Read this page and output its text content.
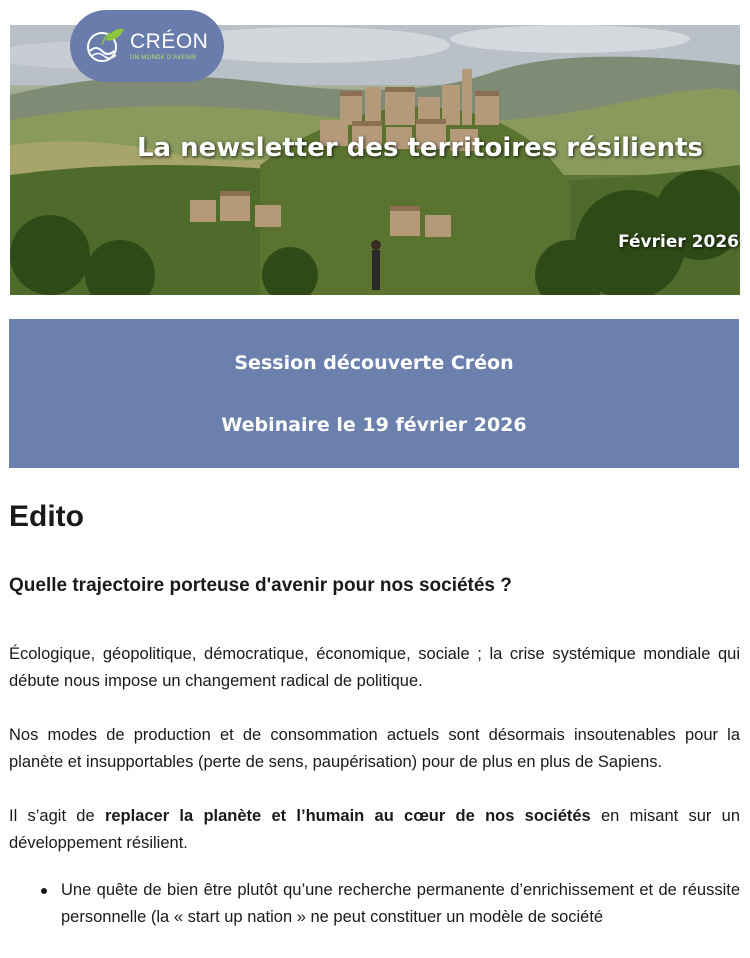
CRÉON
UN MONDE D'AVENIR
La newsletter des territoires résilients
Février 2026
Session découverte Créon
Webinaire le 19 février 2026
Edito
Quelle trajectoire porteuse d'avenir pour nos sociétés ?

Écologique, géopolitique, démocratique, économique, sociale ; la crise systémique mondiale qui débute nous impose un changement radical de politique.

Nos modes de production et de consommation actuels sont désormais insoutenables pour la planète et insupportables (perte de sens, paupérisation) pour de plus en plus de Sapiens.

Il s’agit de replacer la planète et l’humain au cœur de nos sociétés en misant sur un développement résilient.

Une quête de bien être plutôt qu’une recherche permanente d’enrichissement et de réussite personnelle (la « start up nation » ne peut constituer un modèle de société
